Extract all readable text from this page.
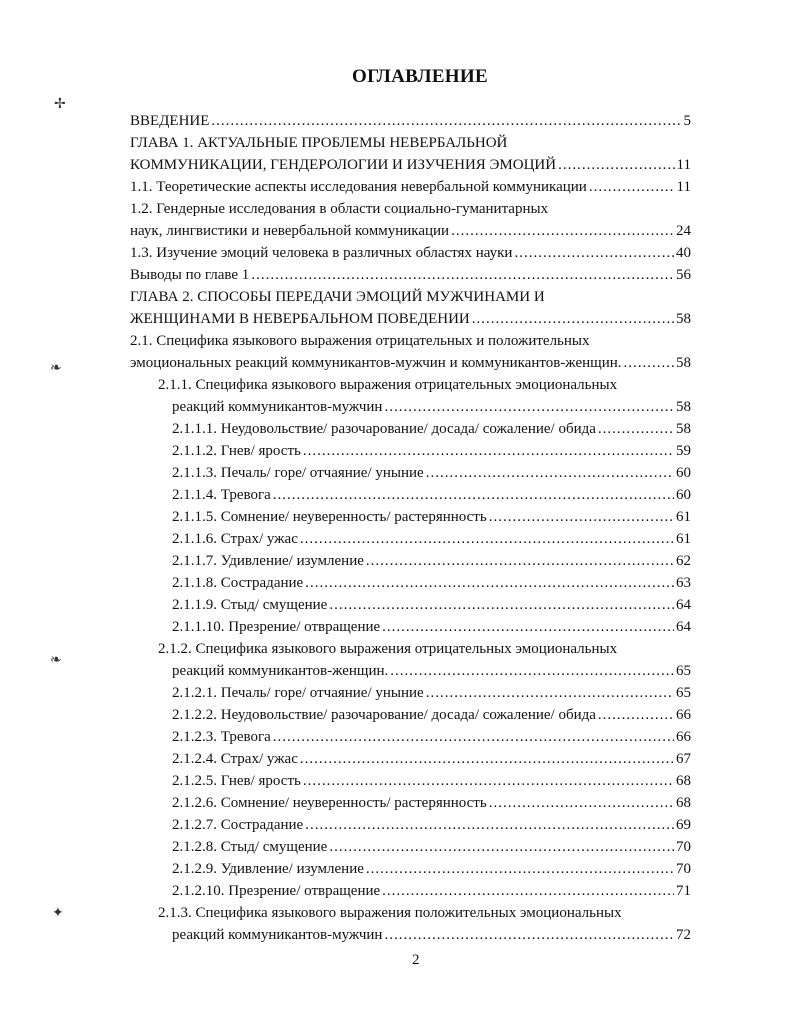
ОГЛАВЛЕНИЕ
ВВЕДЕНИЕ .....	5
ГЛАВА 1. АКТУАЛЬНЫЕ ПРОБЛЕМЫ НЕВЕРБАЛЬНОЙ
КОММУНИКАЦИИ, ГЕНДЕРОЛОГИИ И ИЗУЧЕНИЯ ЭМОЦИЙ .....	11
1.1. Теоретические аспекты исследования невербальной коммуникации .....	11
1.2. Гендерные исследования в области социально-гуманитарных
наук, лингвистики и невербальной коммуникации .....	24
1.3. Изучение эмоций человека в различных областях науки .....	40
Выводы по главе 1 .....	56
ГЛАВА 2. СПОСОБЫ ПЕРЕДАЧИ ЭМОЦИЙ МУЖЧИНАМИ И
ЖЕНЩИНАМИ В НЕВЕРБАЛЬНОМ ПОВЕДЕНИИ .....	58
2.1. Специфика языкового выражения отрицательных и положительных
эмоциональных реакций коммуникантов-мужчин и коммуникантов-женщин. .....	58
2.1.1. Специфика языкового выражения отрицательных эмоциональных
реакций коммуникантов-мужчин .....	58
2.1.1.1. Неудовольствие/ разочарование/ досада/ сожаление/ обида .....	58
2.1.1.2. Гнев/ ярость .....	59
2.1.1.3. Печаль/ горе/ отчаяние/ уныние .....	60
2.1.1.4. Тревога .....	60
2.1.1.5. Сомнение/ неуверенность/ растерянность .....	61
2.1.1.6. Страх/ ужас .....	61
2.1.1.7. Удивление/ изумление .....	62
2.1.1.8. Сострадание .....	63
2.1.1.9. Стыд/ смущение .....	64
2.1.1.10. Презрение/ отвращение .....	64
2.1.2. Специфика языкового выражения отрицательных эмоциональных
реакций коммуникантов-женщин. .....	65
2.1.2.1. Печаль/ горе/ отчаяние/ уныние .....	65
2.1.2.2. Неудовольствие/ разочарование/ досада/ сожаление/ обида .....	66
2.1.2.3. Тревога .....	66
2.1.2.4. Страх/ ужас .....	67
2.1.2.5. Гнев/ ярость .....	68
2.1.2.6. Сомнение/ неуверенность/ растерянность .....	68
2.1.2.7. Сострадание .....	69
2.1.2.8. Стыд/ смущение .....	70
2.1.2.9. Удивление/ изумление .....	70
2.1.2.10. Презрение/ отвращение .....	71
2.1.3. Специфика языкового выражения положительных эмоциональных
реакций коммуникантов-мужчин .....	72
2
✢
❧
❧
✦
